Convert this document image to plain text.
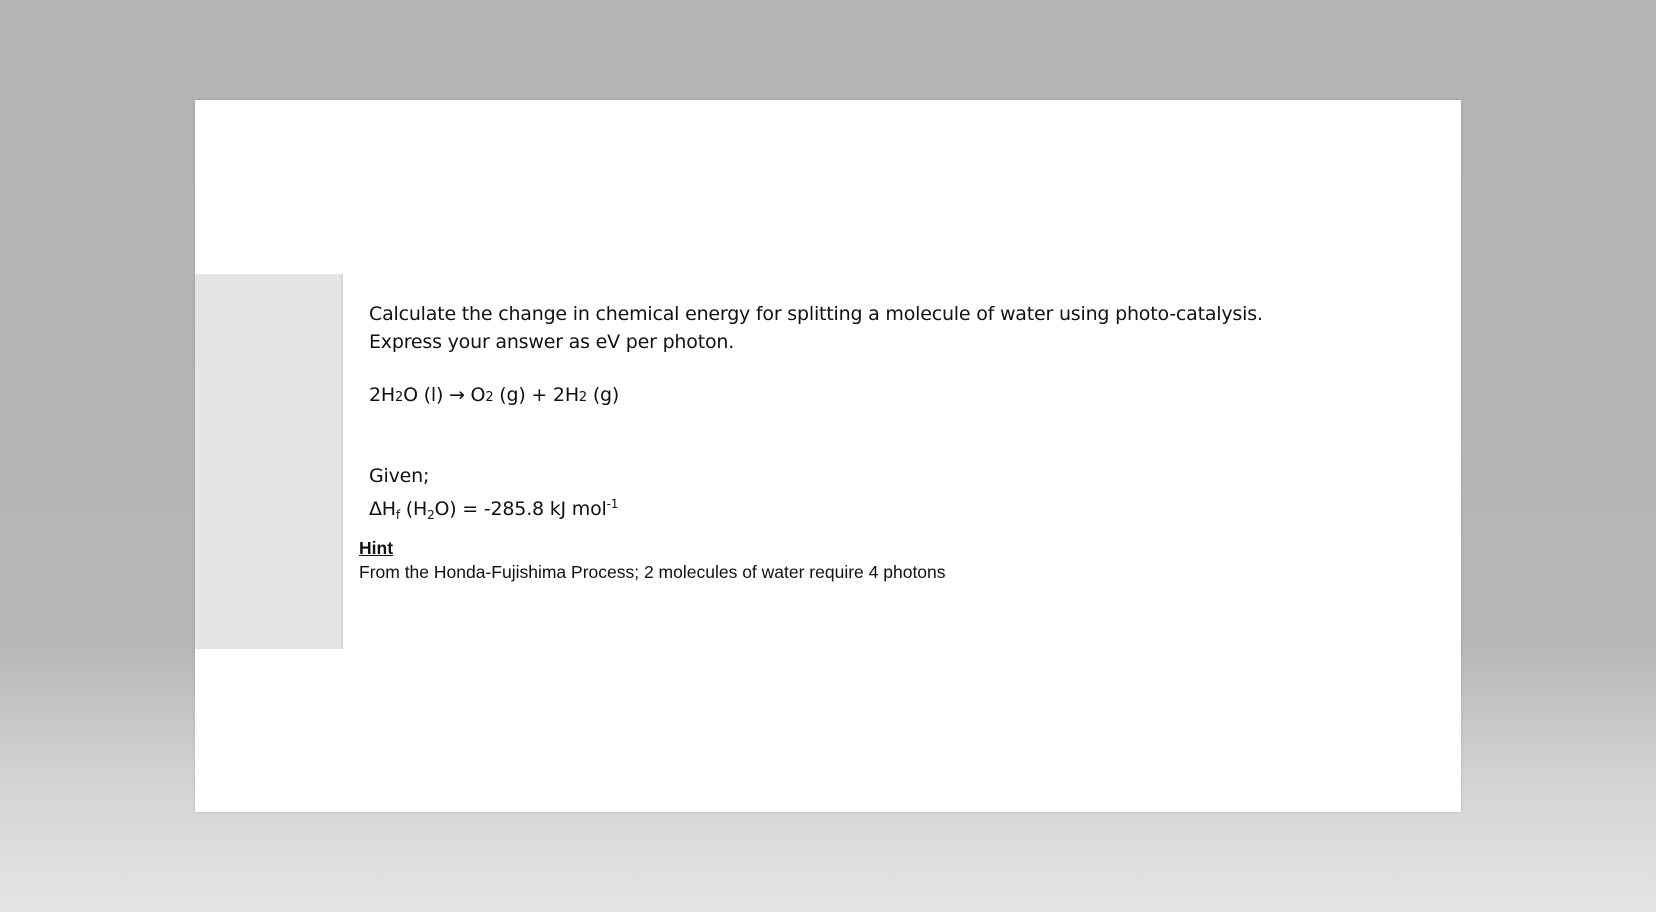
Calculate the change in chemical energy for splitting a molecule of water using photo-catalysis.
Express your answer as eV per photon.
2H2O (l) → O2 (g) + 2H2 (g)
Given;
$\Delta H_f$ $(H_2O) = -285.8$ kJ mol$^{-1}$
Hint
From the Honda-Fujishima Process; 2 molecules of water require 4 photons
